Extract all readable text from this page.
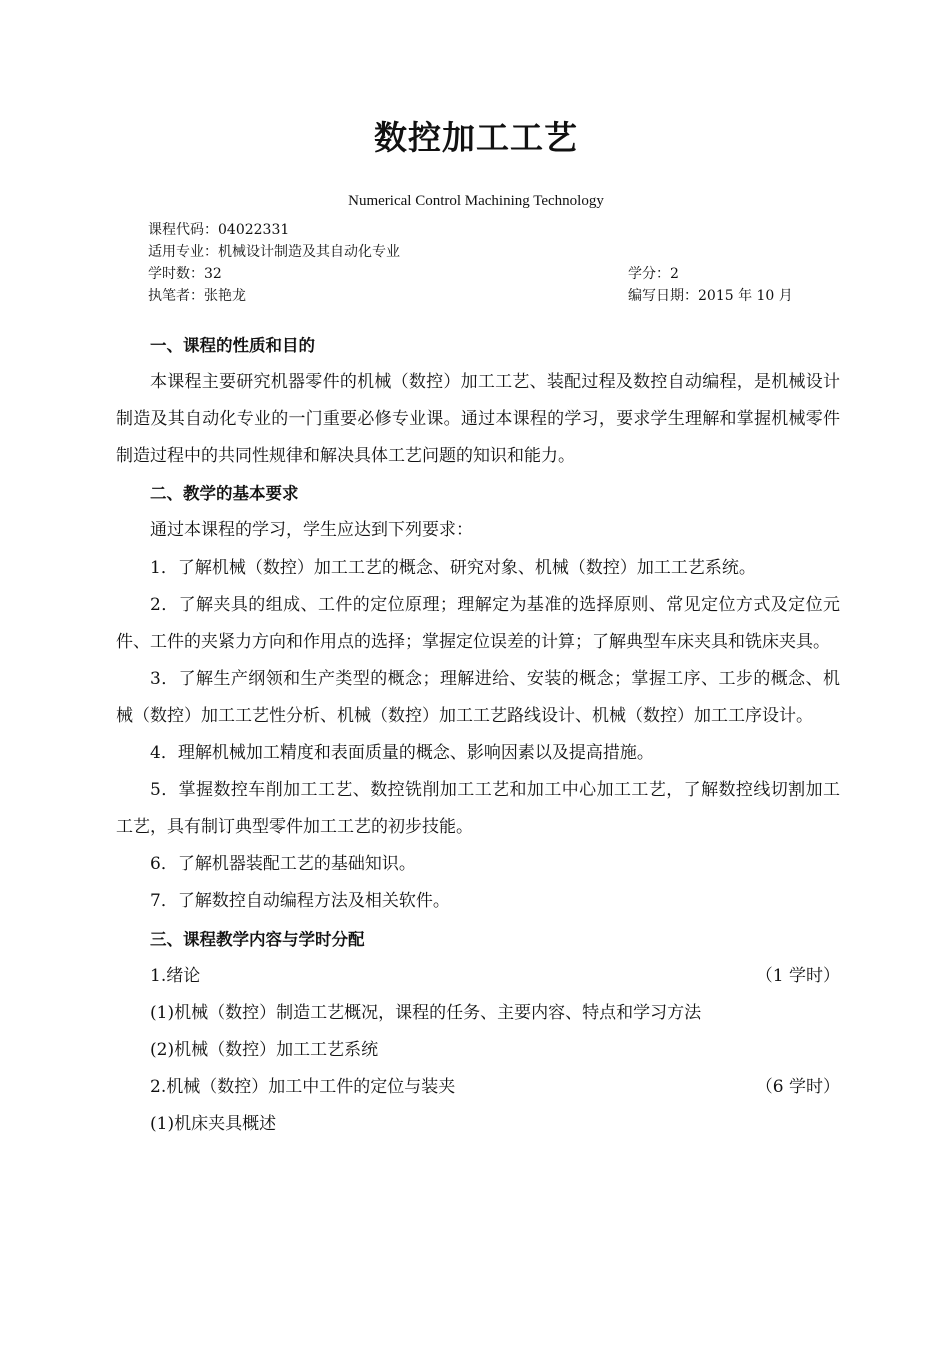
数控加工工艺
Numerical Control Machining Technology
课程代码：04022331
适用专业：机械设计制造及其自动化专业
学时数：32	学分：2
执笔者：张艳龙	编写日期：2015 年 10 月
一、课程的性质和目的
本课程主要研究机器零件的机械（数控）加工工艺、装配过程及数控自动编程，是机械设计制造及其自动化专业的一门重要必修专业课。通过本课程的学习，要求学生理解和掌握机械零件制造过程中的共同性规律和解决具体工艺问题的知识和能力。
二、教学的基本要求
通过本课程的学习，学生应达到下列要求：
1．了解机械（数控）加工工艺的概念、研究对象、机械（数控）加工工艺系统。
2．了解夹具的组成、工件的定位原理；理解定为基准的选择原则、常见定位方式及定位元件、工件的夹紧力方向和作用点的选择；掌握定位误差的计算；了解典型车床夹具和铣床夹具。
3．了解生产纲领和生产类型的概念；理解进给、安装的概念；掌握工序、工步的概念、机械（数控）加工工艺性分析、机械（数控）加工工艺路线设计、机械（数控）加工工序设计。
4．理解机械加工精度和表面质量的概念、影响因素以及提高措施。
5．掌握数控车削加工工艺、数控铣削加工工艺和加工中心加工工艺，了解数控线切割加工工艺，具有制订典型零件加工工艺的初步技能。
6．了解机器装配工艺的基础知识。
7．了解数控自动编程方法及相关软件。
三、课程教学内容与学时分配
1.绪论	（1 学时）
(1)机械（数控）制造工艺概况，课程的任务、主要内容、特点和学习方法
(2)机械（数控）加工工艺系统
2.机械（数控）加工中工件的定位与装夹	（6 学时）
(1)机床夹具概述
